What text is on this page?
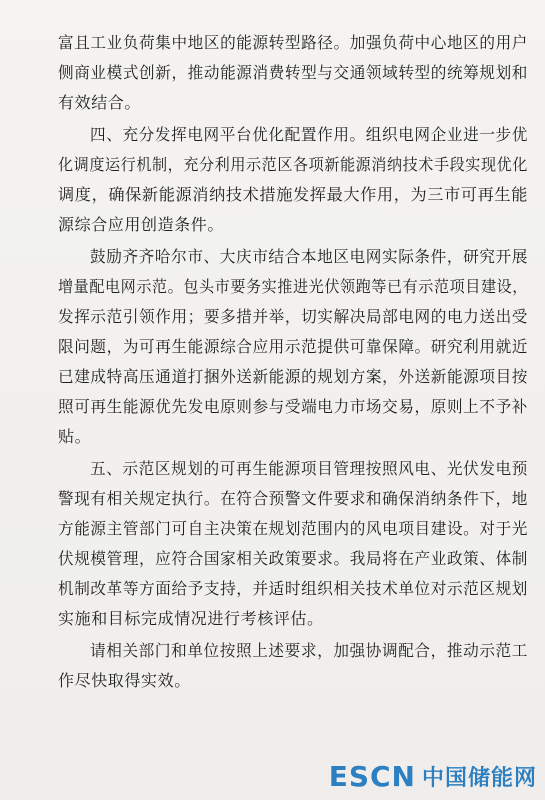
富且工业负荷集中地区的能源转型路径。加强负荷中心地区的用户
侧商业模式创新，推动能源消费转型与交通领域转型的统筹规划和
有效结合。
四、充分发挥电网平台优化配置作用。组织电网企业进一步优
化调度运行机制，充分利用示范区各项新能源消纳技术手段实现优化
调度，确保新能源消纳技术措施发挥最大作用，为三市可再生能
源综合应用创造条件。
鼓励齐齐哈尔市、大庆市结合本地区电网实际条件，研究开展
增量配电网示范。包头市要务实推进光伏领跑等已有示范项目建设，
发挥示范引领作用；要多措并举，切实解决局部电网的电力送出受
限问题，为可再生能源综合应用示范提供可靠保障。研究利用就近
已建成特高压通道打捆外送新能源的规划方案，外送新能源项目按
照可再生能源优先发电原则参与受端电力市场交易，原则上不予补
贴。
五、示范区规划的可再生能源项目管理按照风电、光伏发电预
警现有相关规定执行。在符合预警文件要求和确保消纳条件下，地
方能源主管部门可自主决策在规划范围内的风电项目建设。对于光
伏规模管理，应符合国家相关政策要求。我局将在产业政策、体制
机制改革等方面给予支持，并适时组织相关技术单位对示范区规划
实施和目标完成情况进行考核评估。
请相关部门和单位按照上述要求，加强协调配合，推动示范工
作尽快取得实效。
ESCN 中国储能网
